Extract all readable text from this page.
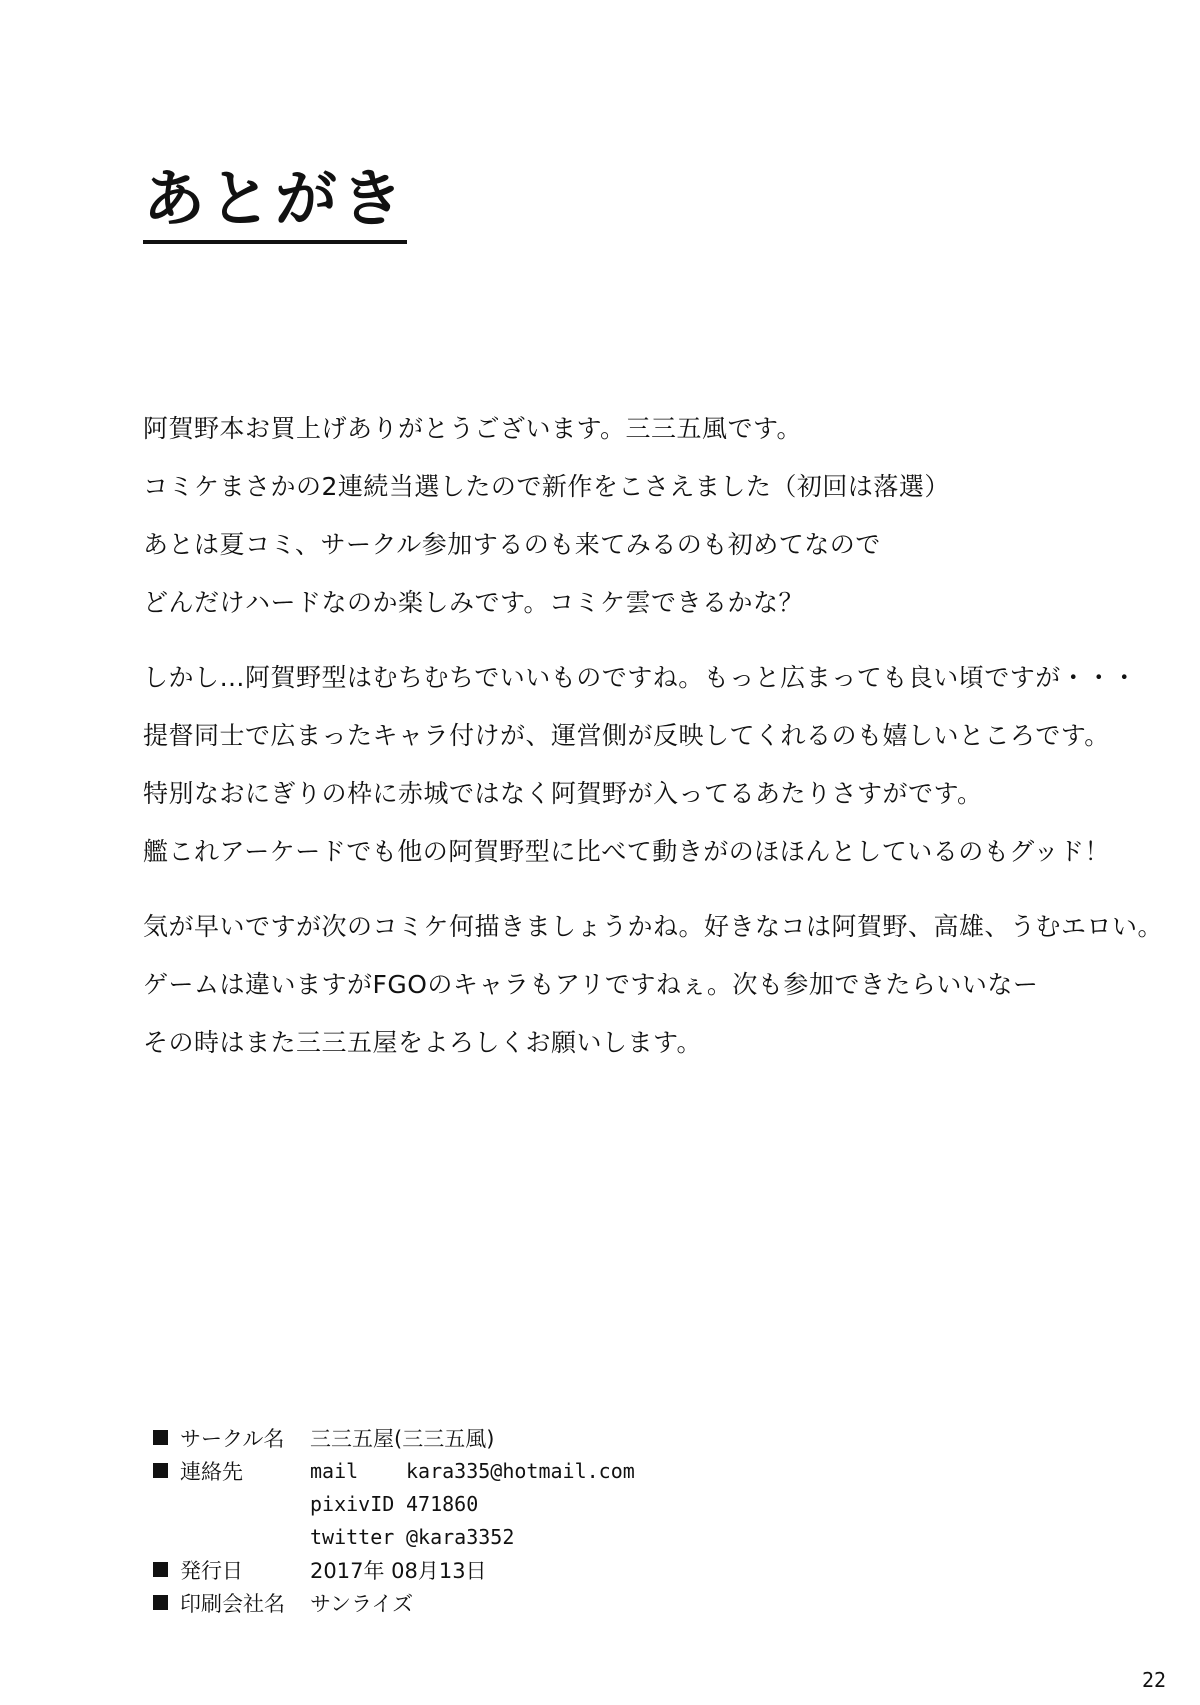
あとがき
阿賀野本お買上げありがとうございます。三三五風です。
コミケまさかの2連続当選したので新作をこさえました（初回は落選）
あとは夏コミ、サークル参加するのも来てみるのも初めてなので
どんだけハードなのか楽しみです。コミケ雲できるかな？
しかし…阿賀野型はむちむちでいいものですね。もっと広まっても良い頃ですが・・・
提督同士で広まったキャラ付けが、運営側が反映してくれるのも嬉しいところです。
特別なおにぎりの枠に赤城ではなく阿賀野が入ってるあたりさすがです。
艦これアーケードでも他の阿賀野型に比べて動きがのほほんとしているのもグッド！
気が早いですが次のコミケ何描きましょうかね。好きなコは阿賀野、高雄、うむエロい。
ゲームは違いますがFGOのキャラもアリですねぇ。次も参加できたらいいなー
その時はまた三三五屋をよろしくお願いします。
サークル名	三三五屋(三三五風)
連絡先	mail	kara335@hotmail.com
pixivID 471860
twitter @kara3352
発行日	2017年 08月13日
印刷会社名	サンライズ
22
